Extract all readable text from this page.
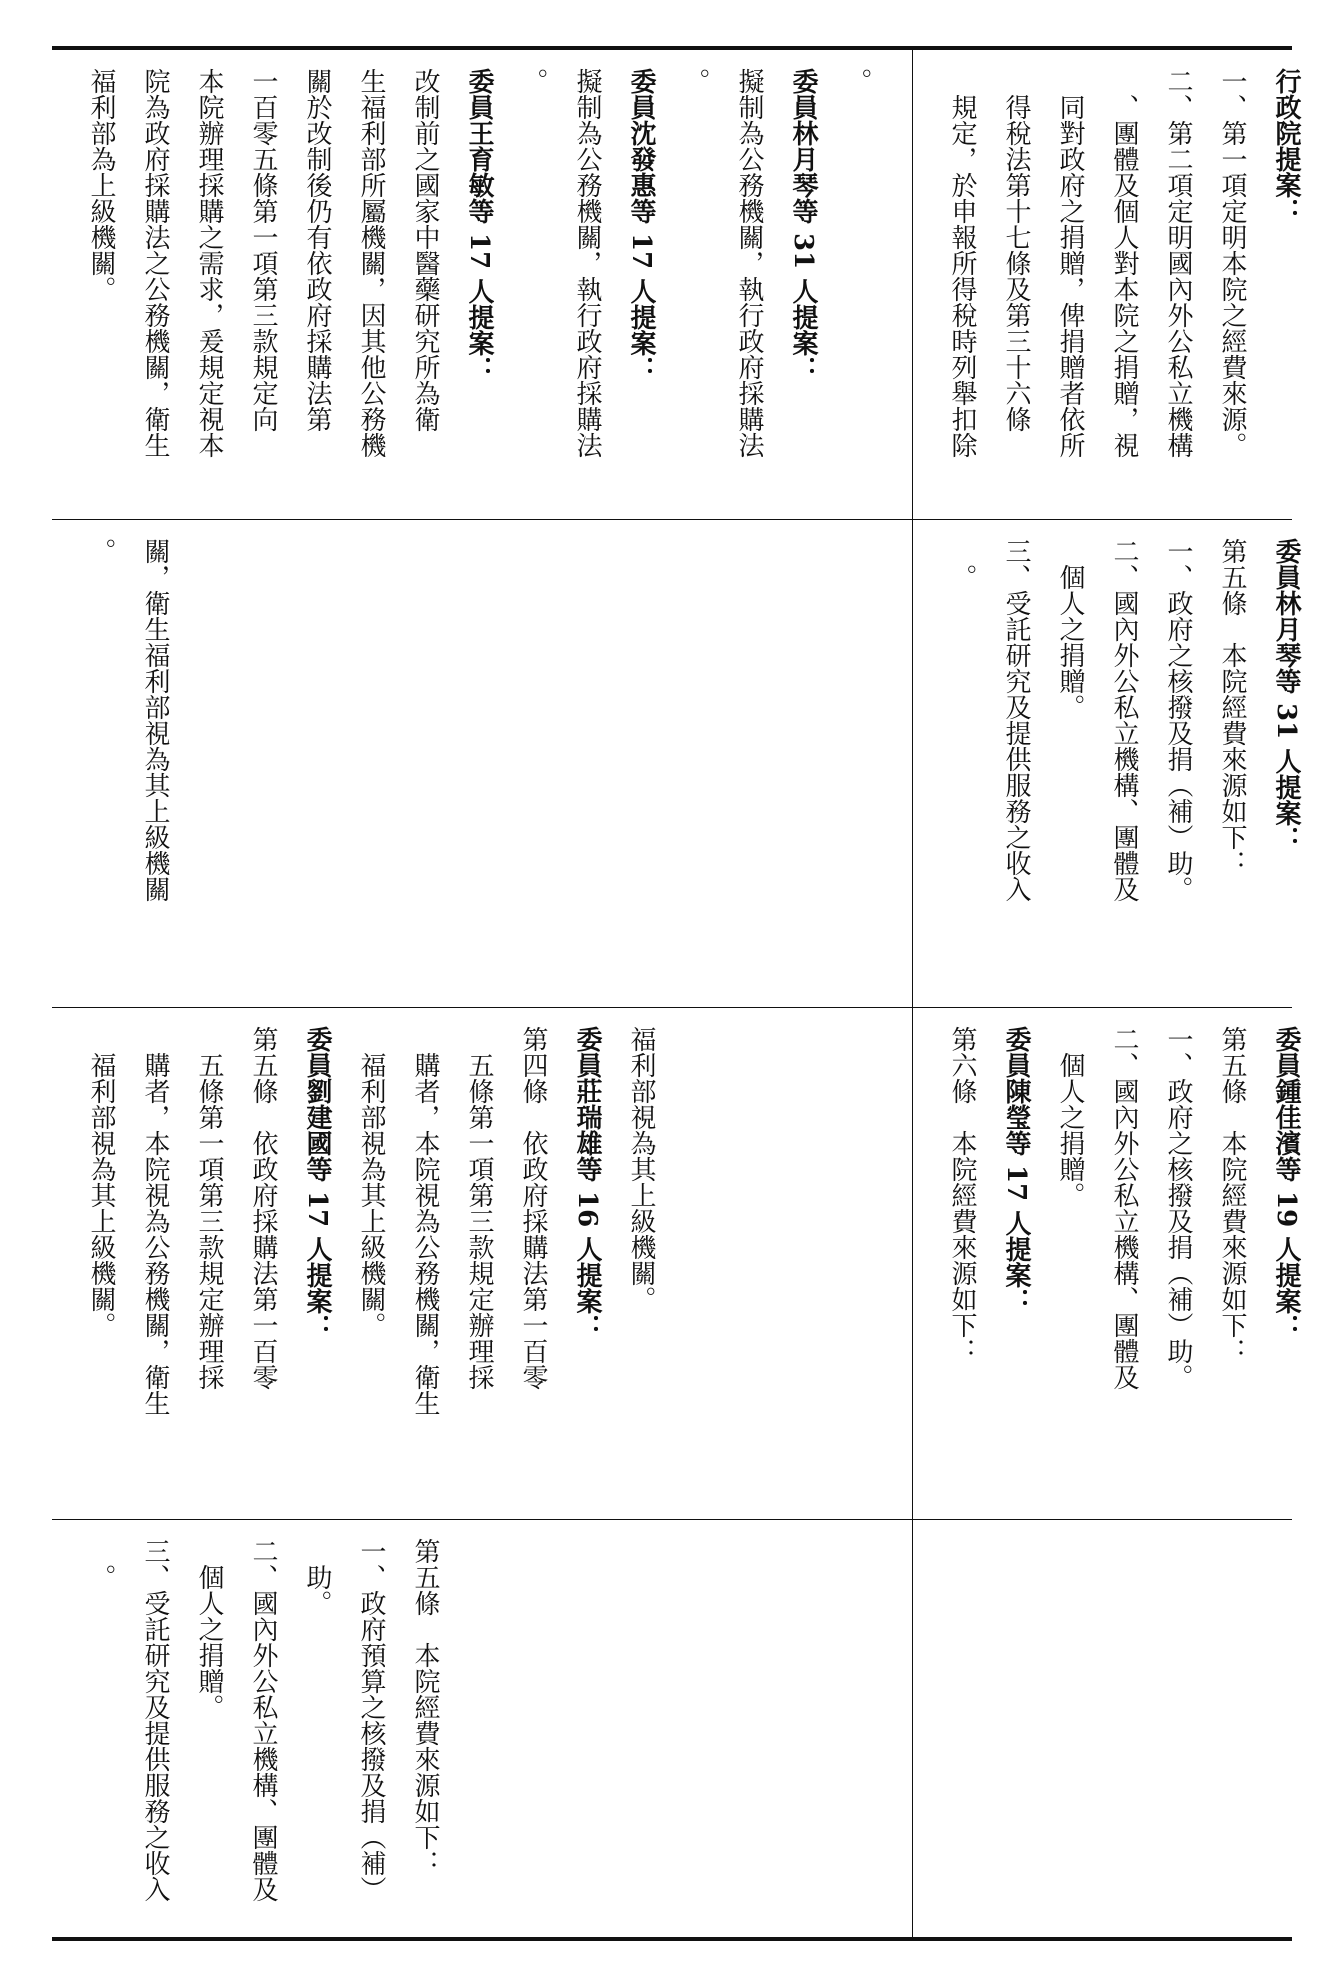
。

委員林月琴等 31 人提案：

擬制為公務機關，執行政府採購法

。

委員沈發惠等 17 人提案：

擬制為公務機關，執行政府採購法

。

委員王育敏等 17 人提案：

改制前之國家中醫藥研究所為衛

生福利部所屬機關，因其他公務機

關於改制後仍有依政府採購法第

一百零五條第一項第三款規定向

本院辦理採購之需求，爰規定視本

院為政府採購法之公務機關，衛生

福利部為上級機關。

關，衛生福利部視為其上級機關

。

福利部視為其上級機關。

委員莊瑞雄等 16 人提案：

第四條　依政府採購法第一百零

　五條第一項第三款規定辦理採

　購者，本院視為公務機關，衛生

　福利部視為其上級機關。

委員劉建國等 17 人提案：

第五條　依政府採購法第一百零

　五條第一項第三款規定辦理採

　購者，本院視為公務機關，衛生

　福利部視為其上級機關。

第五條　本院經費來源如下：

一、政府預算之核撥及捐（補）

　助。

二、國內外公私立機構、團體及

　個人之捐贈。

三、受託研究及提供服務之收入

　。

行政院提案：

一、第一項定明本院之經費來源。

二、第二項定明國內外公私立機構

　、團體及個人對本院之捐贈，視

　同對政府之捐贈，俾捐贈者依所

　得稅法第十七條及第三十六條

　規定，於申報所得稅時列舉扣除

委員林月琴等 31 人提案：

第五條　本院經費來源如下：

一、政府之核撥及捐（補）助。

二、國內外公私立機構、團體及

　個人之捐贈。

三、受託研究及提供服務之收入

　。

委員鍾佳濱等 19 人提案：

第五條　本院經費來源如下：

一、政府之核撥及捐（補）助。

二、國內外公私立機構、團體及

　個人之捐贈。

委員陳瑩等 17 人提案：

第六條　本院經費來源如下：
